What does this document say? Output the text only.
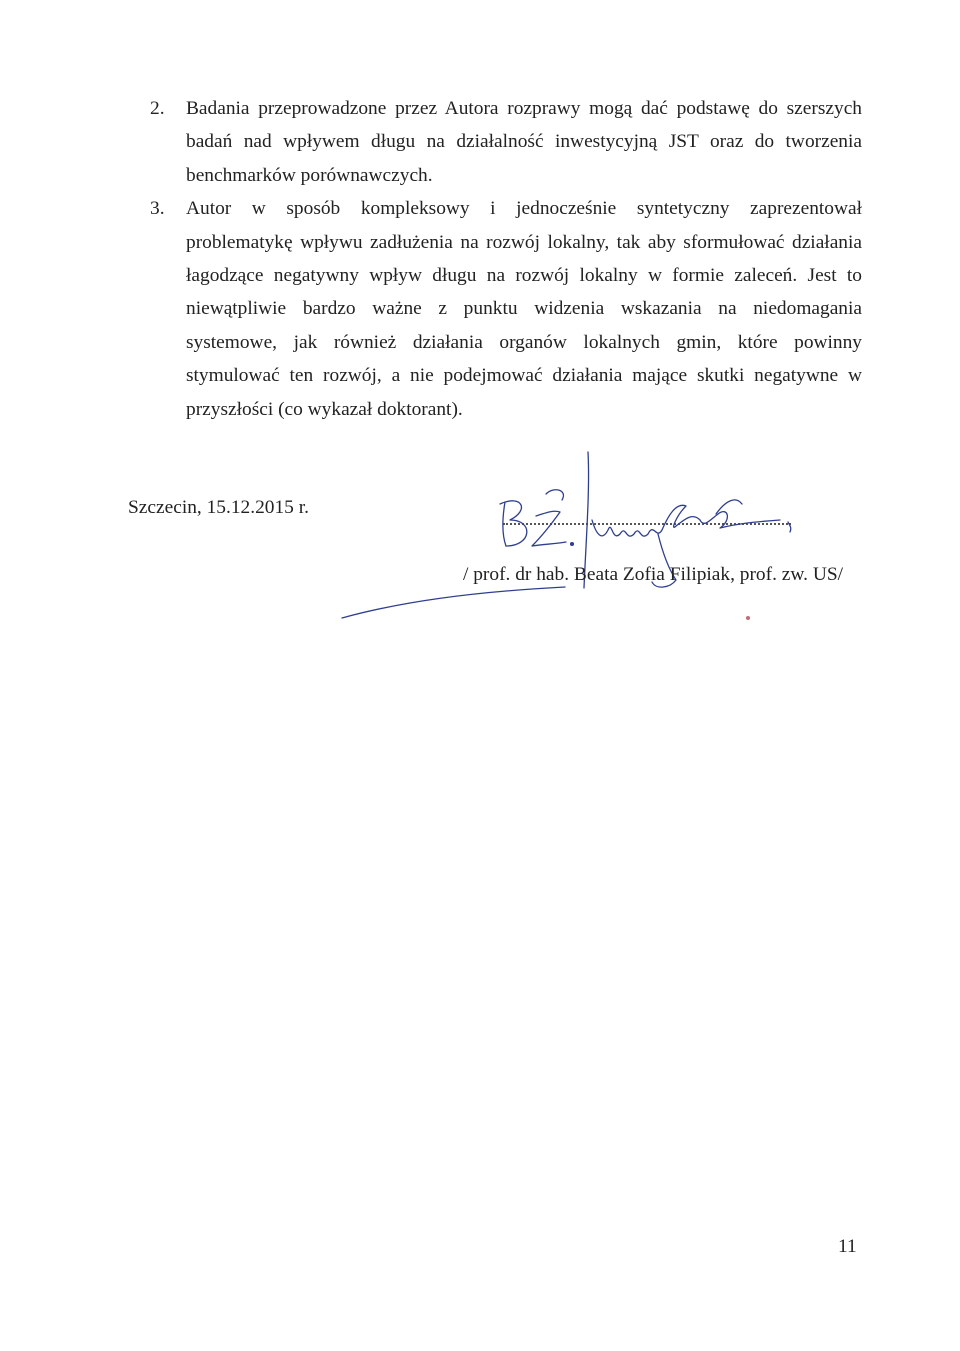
2. Badania przeprowadzone przez Autora rozprawy mogą dać podstawę do szerszych badań nad wpływem długu na działalność inwestycyjną JST oraz do tworzenia benchmarków porównawczych.

3. Autor w sposób kompleksowy i jednocześnie syntetyczny zaprezentował problematykę wpływu zadłużenia na rozwój lokalny, tak aby sformułować działania łagodzące negatywny wpływ długu na rozwój lokalny w formie zaleceń. Jest to niewątpliwie bardzo ważne z punktu widzenia wskazania na niedomagania systemowe, jak również działania organów lokalnych gmin, które powinny stymulować ten rozwój, a nie podejmować działania mające skutki negatywne w przyszłości (co wykazał doktorant).

Szczecin, 15.12.2015 r.
/ prof. dr hab. Beata Zofia Filipiak, prof. zw. US/
11
